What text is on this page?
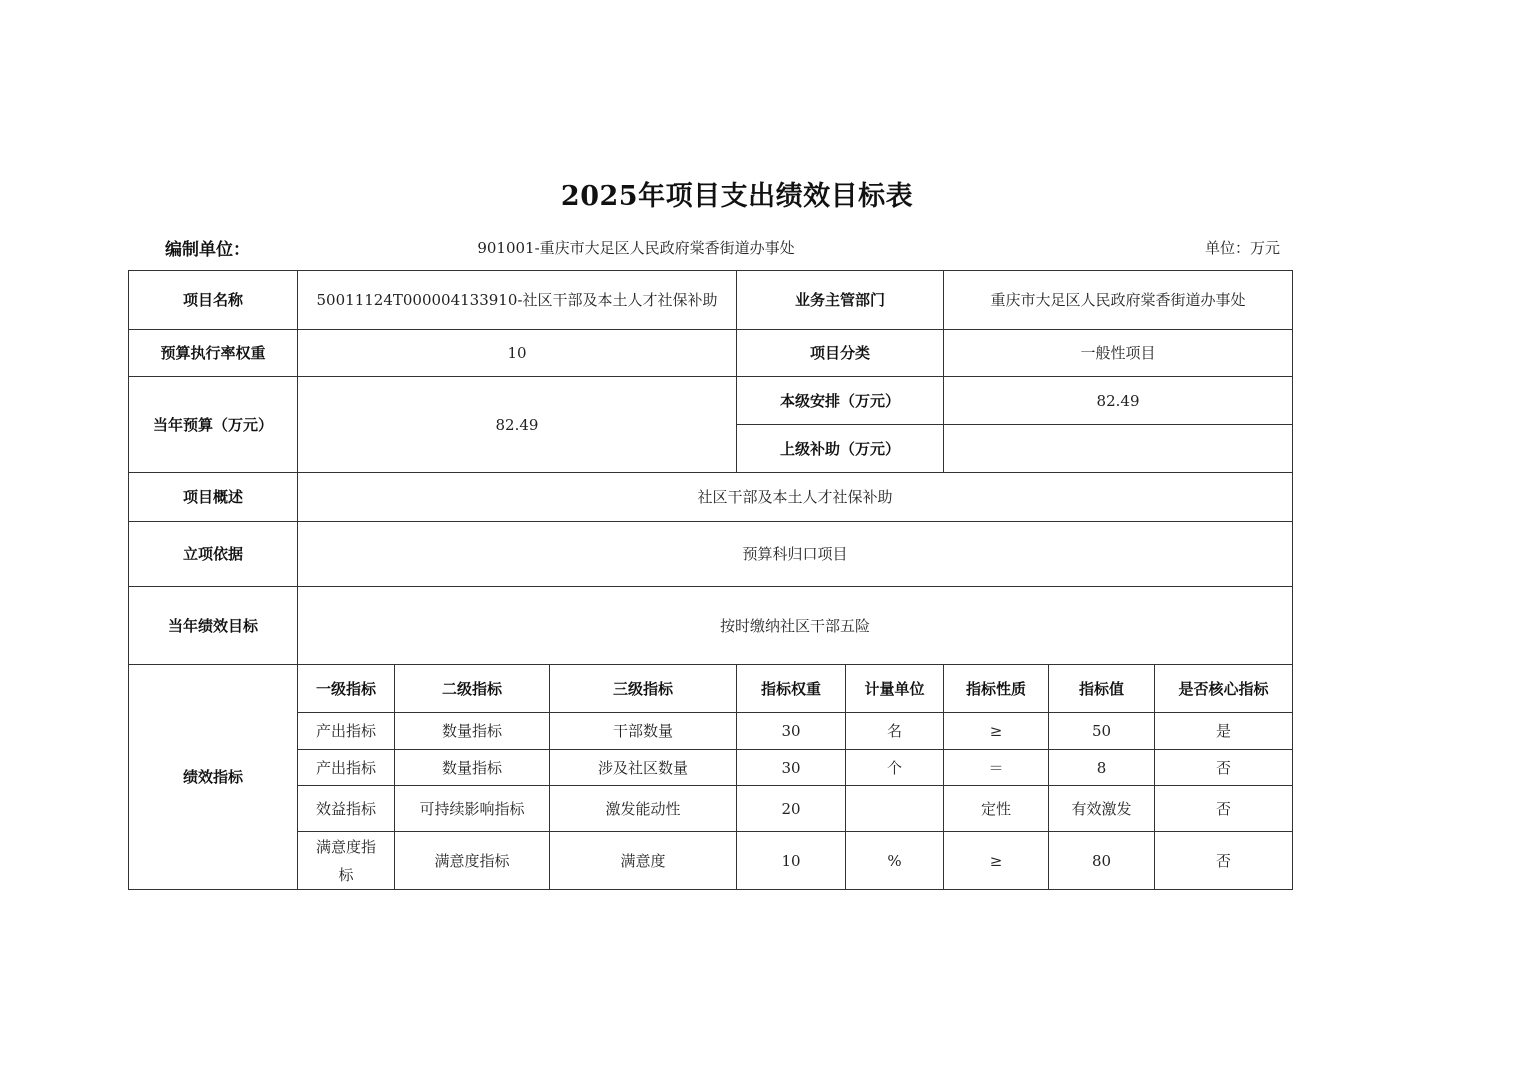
2025年项目支出绩效目标表
编制单位：	901001-重庆市大足区人民政府棠香街道办事处	单位：万元
项目名称	50011124T000004133910-社区干部及本土人才社保补助			业务主管部门		重庆市大足区人民政府棠香街道办事处		
预算执行率权重	10			项目分类		一般性项目		
当年预算（万元）	82.49			本级安排（万元）		82.49		
				上级补助（万元）				
项目概述	社区干部及本土人才社保补助							
立项依据	预算科归口项目							
当年绩效目标	按时缴纳社区干部五险							
绩效指标	一级指标	二级指标	三级指标	指标权重	计量单位	指标性质	指标值	是否核心指标
	产出指标	数量指标	干部数量	30	名	≥	50	是
	产出指标	数量指标	涉及社区数量	30	个	＝	8	否
	效益指标	可持续影响指标	激发能动性	20		定性	有效激发	否
	满意度指标	满意度指标	满意度	10	%	≥	80	否
